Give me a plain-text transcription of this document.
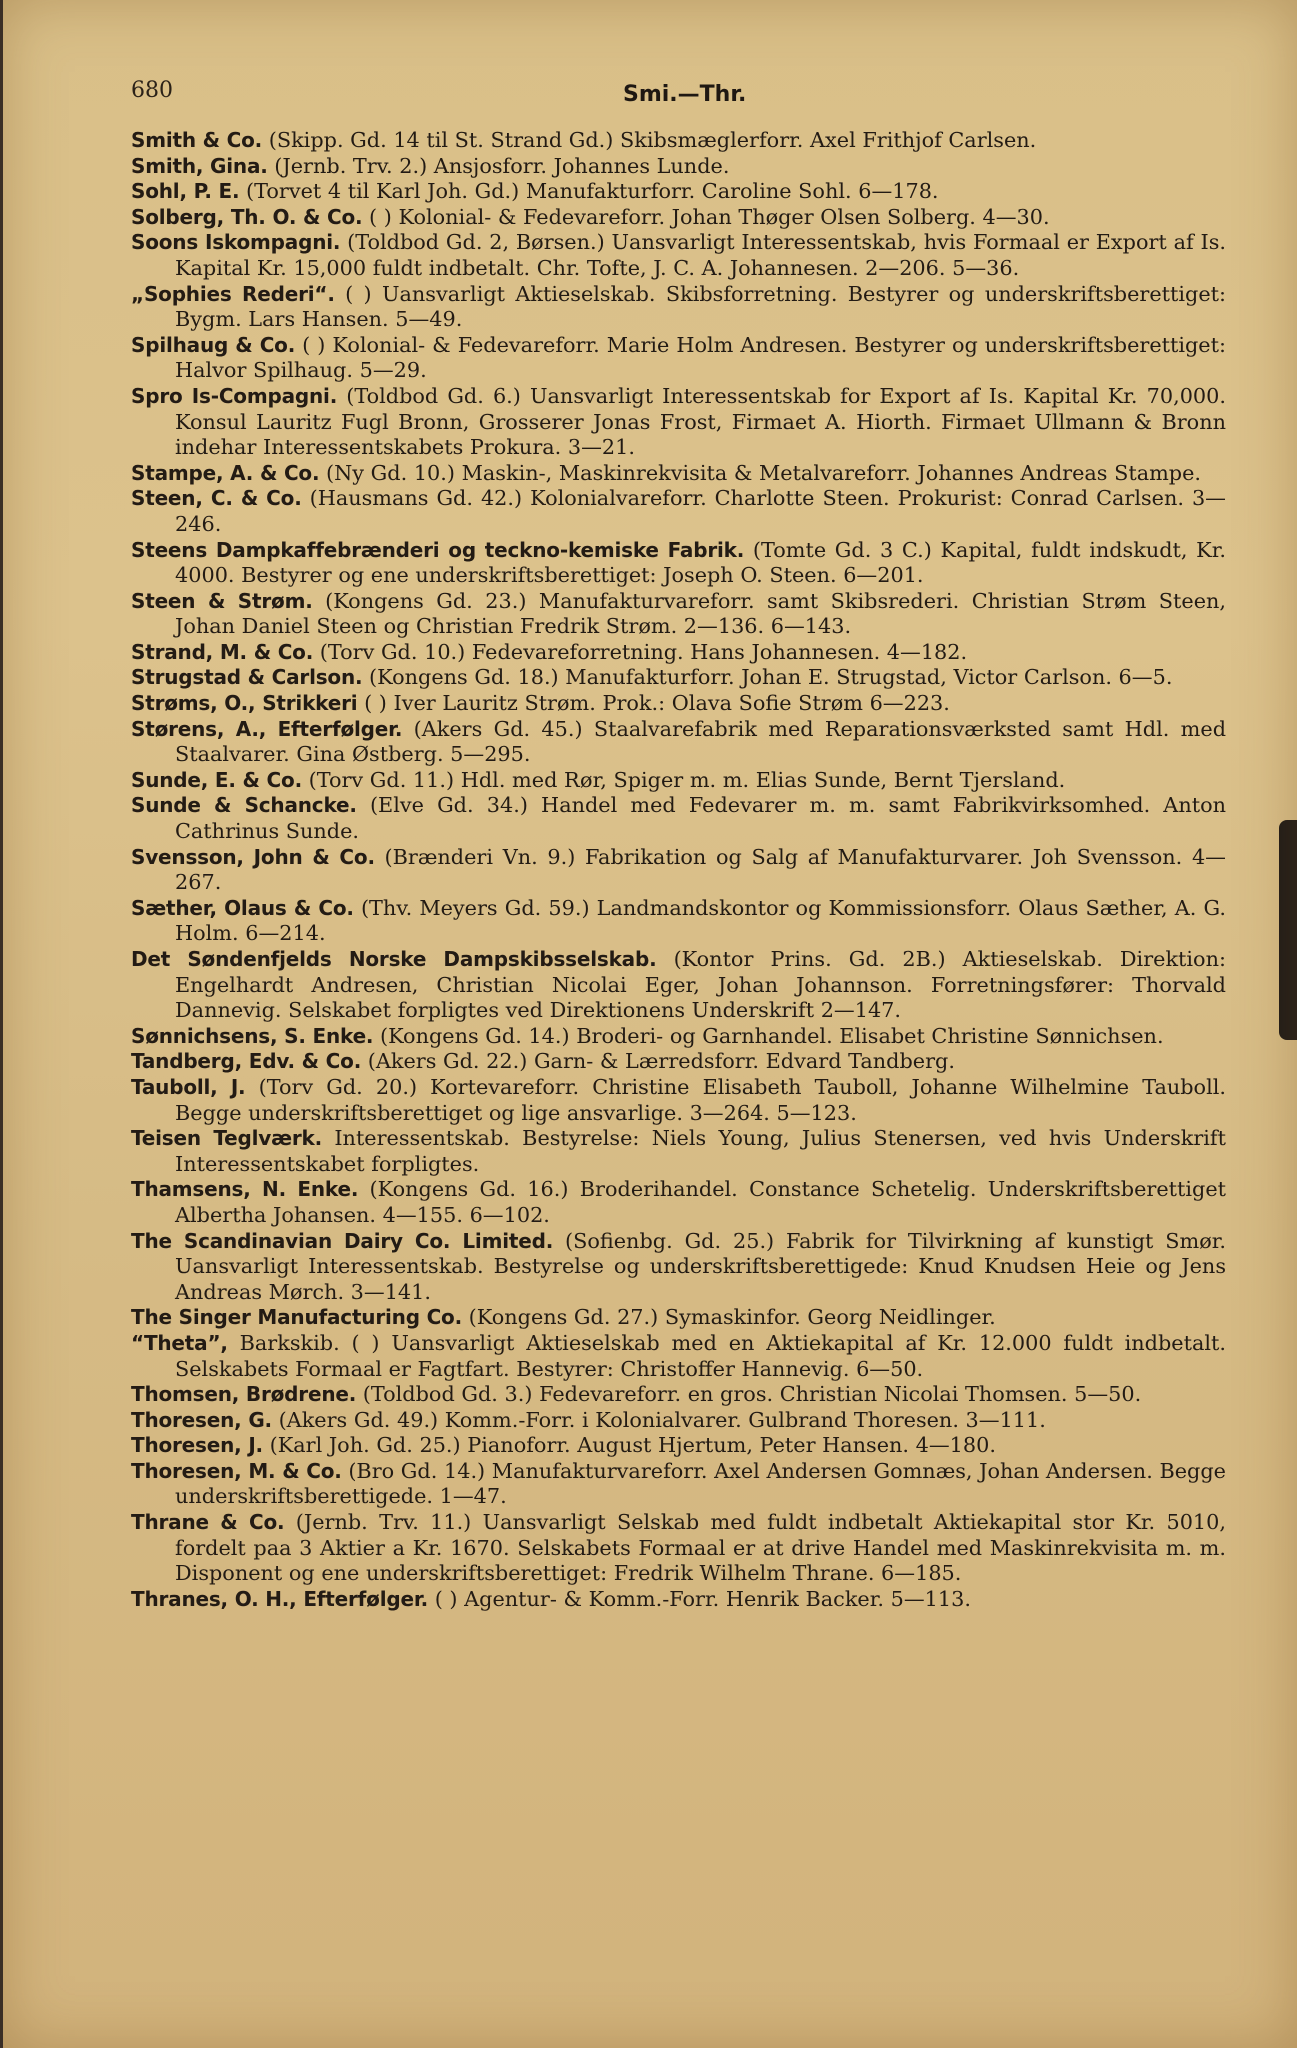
680	Smi.—Thr.

Smith & Co. (Skipp. Gd. 14 til St. Strand Gd.) Skibsmæglerforr. Axel Frithjof Carlsen.

Smith, Gina. (Jernb. Trv. 2.) Ansjosforr. Johannes Lunde.

Sohl, P. E. (Torvet 4 til Karl Joh. Gd.) Manufakturforr. Caroline Sohl. 6—178.

Solberg, Th. O. & Co. ( ) Kolonial- & Fedevareforr. Johan Thøger Olsen Solberg. 4—30.

Soons Iskompagni. (Toldbod Gd. 2, Børsen.) Uansvarligt Interessentskab, hvis Formaal er Export af Is. Kapital Kr. 15,000 fuldt indbetalt. Chr. Tofte, J. C. A. Johannesen. 2—206. 5—36.

„Sophies Rederi“. ( ) Uansvarligt Aktieselskab. Skibsforretning. Bestyrer og underskriftsberettiget: Bygm. Lars Hansen. 5—49.

Spilhaug & Co. ( ) Kolonial- & Fedevareforr. Marie Holm Andresen. Bestyrer og underskriftsberettiget: Halvor Spilhaug. 5—29.

Spro Is-Compagni. (Toldbod Gd. 6.) Uansvarligt Interessentskab for Export af Is. Kapital Kr. 70,000. Konsul Lauritz Fugl Bronn, Grosserer Jonas Frost, Firmaet A. Hiorth. Firmaet Ullmann & Bronn indehar Interessentskabets Prokura. 3—21.

Stampe, A. & Co. (Ny Gd. 10.) Maskin-, Maskinrekvisita & Metalvareforr. Johannes Andreas Stampe.

Steen, C. & Co. (Hausmans Gd. 42.) Kolonialvareforr. Charlotte Steen. Prokurist: Conrad Carlsen. 3—246.

Steens Dampkaffebrænderi og teckno-kemiske Fabrik. (Tomte Gd. 3 C.) Kapital, fuldt indskudt, Kr. 4000. Bestyrer og ene underskriftsberettiget: Joseph O. Steen. 6—201.

Steen & Strøm. (Kongens Gd. 23.) Manufakturvareforr. samt Skibsrederi. Christian Strøm Steen, Johan Daniel Steen og Christian Fredrik Strøm. 2—136. 6—143.

Strand, M. & Co. (Torv Gd. 10.) Fedevareforretning. Hans Johannesen. 4—182.

Strugstad & Carlson. (Kongens Gd. 18.) Manufakturforr. Johan E. Strugstad, Victor Carlson. 6—5.

Strøms, O., Strikkeri ( ) Iver Lauritz Strøm. Prok.: Olava Sofie Strøm 6—223.

Størens, A., Efterfølger. (Akers Gd. 45.) Staalvarefabrik med Reparationsværksted samt Hdl. med Staalvarer. Gina Østberg. 5—295.

Sunde, E. & Co. (Torv Gd. 11.) Hdl. med Rør, Spiger m. m. Elias Sunde, Bernt Tjersland.

Sunde & Schancke. (Elve Gd. 34.) Handel med Fedevarer m. m. samt Fabrikvirksomhed. Anton Cathrinus Sunde.

Svensson, John & Co. (Brænderi Vn. 9.) Fabrikation og Salg af Manufakturvarer. Joh Svensson. 4—267.

Sæther, Olaus & Co. (Thv. Meyers Gd. 59.) Landmandskontor og Kommissionsforr. Olaus Sæther, A. G. Holm. 6—214.

Det Søndenfjelds Norske Dampskibsselskab. (Kontor Prins. Gd. 2B.) Aktieselskab. Direktion: Engelhardt Andresen, Christian Nicolai Eger, Johan Johannson. Forretningsfører: Thorvald Dannevig. Selskabet forpligtes ved Direktionens Underskrift 2—147.

Sønnichsens, S. Enke. (Kongens Gd. 14.) Broderi- og Garnhandel. Elisabet Christine Sønnichsen.

Tandberg, Edv. & Co. (Akers Gd. 22.) Garn- & Lærredsforr. Edvard Tandberg.

Tauboll, J. (Torv Gd. 20.) Kortevareforr. Christine Elisabeth Tauboll, Johanne Wilhelmine Tauboll. Begge underskriftsberettiget og lige ansvarlige. 3—264. 5—123.

Teisen Teglværk. Interessentskab. Bestyrelse: Niels Young, Julius Stenersen, ved hvis Underskrift Interessentskabet forpligtes.

Thamsens, N. Enke. (Kongens Gd. 16.) Broderihandel. Constance Schetelig. Underskriftsberettiget Albertha Johansen. 4—155. 6—102.

The Scandinavian Dairy Co. Limited. (Sofienbg. Gd. 25.) Fabrik for Tilvirkning af kunstigt Smør. Uansvarligt Interessentskab. Bestyrelse og underskriftsberettigede: Knud Knudsen Heie og Jens Andreas Mørch. 3—141.

The Singer Manufacturing Co. (Kongens Gd. 27.) Symaskinfor. Georg Neidlinger.

“Theta”, Barkskib. ( ) Uansvarligt Aktieselskab med en Aktiekapital af Kr. 12.000 fuldt indbetalt. Selskabets Formaal er Fagtfart. Bestyrer: Christoffer Hannevig. 6—50.

Thomsen, Brødrene. (Toldbod Gd. 3.) Fedevareforr. en gros. Christian Nicolai Thomsen. 5—50.

Thoresen, G. (Akers Gd. 49.) Komm.-Forr. i Kolonialvarer. Gulbrand Thoresen. 3—111.

Thoresen, J. (Karl Joh. Gd. 25.) Pianoforr. August Hjertum, Peter Hansen. 4—180.

Thoresen, M. & Co. (Bro Gd. 14.) Manufakturvareforr. Axel Andersen Gomnæs, Johan Andersen. Begge underskriftsberettigede. 1—47.

Thrane & Co. (Jernb. Trv. 11.) Uansvarligt Selskab med fuldt indbetalt Aktiekapital stor Kr. 5010, fordelt paa 3 Aktier a Kr. 1670. Selskabets Formaal er at drive Handel med Maskinrekvisita m. m. Disponent og ene underskriftsberettiget: Fredrik Wilhelm Thrane. 6—185.

Thranes, O. H., Efterfølger. ( ) Agentur- & Komm.-Forr. Henrik Backer. 5—113.
